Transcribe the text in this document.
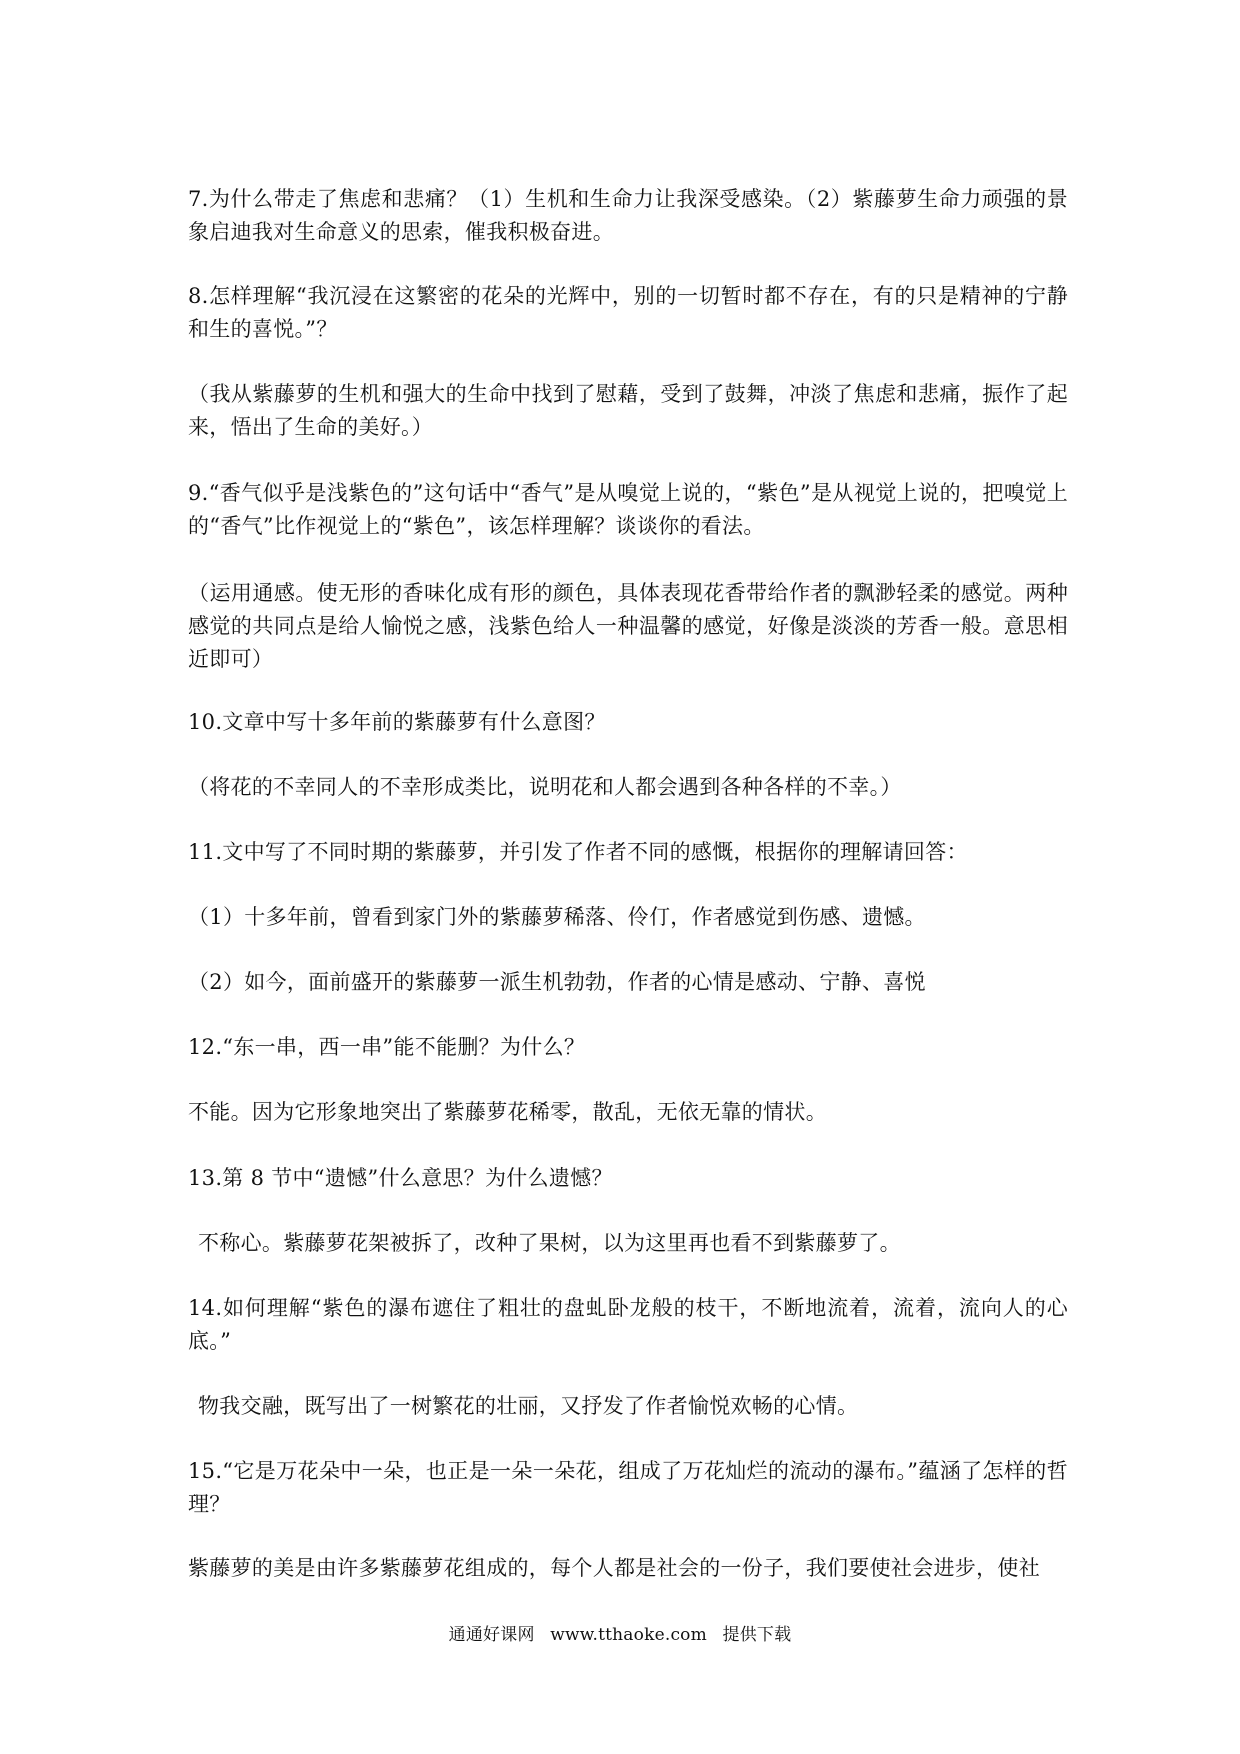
7.为什么带走了焦虑和悲痛？（1）生机和生命力让我深受感染。（2）紫藤萝生命力顽强的景象启迪我对生命意义的思索，催我积极奋进。

8.怎样理解“我沉浸在这繁密的花朵的光辉中，别的一切暂时都不存在，有的只是精神的宁静和生的喜悦。”？

（我从紫藤萝的生机和强大的生命中找到了慰藉，受到了鼓舞，冲淡了焦虑和悲痛，振作了起来，悟出了生命的美好。）

9.“香气似乎是浅紫色的”这句话中“香气”是从嗅觉上说的，“紫色”是从视觉上说的，把嗅觉上的“香气”比作视觉上的“紫色”，该怎样理解？谈谈你的看法。

（运用通感。使无形的香味化成有形的颜色，具体表现花香带给作者的飘渺轻柔的感觉。两种感觉的共同点是给人愉悦之感，浅紫色给人一种温馨的感觉，好像是淡淡的芳香一般。意思相近即可）

10.文章中写十多年前的紫藤萝有什么意图？

（将花的不幸同人的不幸形成类比，说明花和人都会遇到各种各样的不幸。）

11.文中写了不同时期的紫藤萝，并引发了作者不同的感慨，根据你的理解请回答：

（1）十多年前，曾看到家门外的紫藤萝稀落、伶仃，作者感觉到伤感、遗憾。

（2）如今，面前盛开的紫藤萝一派生机勃勃，作者的心情是感动、宁静、喜悦

12.“东一串，西一串”能不能删？为什么？

不能。因为它形象地突出了紫藤萝花稀零，散乱，无依无靠的情状。

13.第 8 节中“遗憾”什么意思？为什么遗憾？

不称心。紫藤萝花架被拆了，改种了果树，以为这里再也看不到紫藤萝了。

14.如何理解“紫色的瀑布遮住了粗壮的盘虬卧龙般的枝干，不断地流着，流着，流向人的心底。”

物我交融，既写出了一树繁花的壮丽，又抒发了作者愉悦欢畅的心情。

15.“它是万花朵中一朵，也正是一朵一朵花，组成了万花灿烂的流动的瀑布。”蕴涵了怎样的哲理？

紫藤萝的美是由许多紫藤萝花组成的，每个人都是社会的一份子，我们要使社会进步，使社

通通好课网 www.tthaoke.com 提供下载
